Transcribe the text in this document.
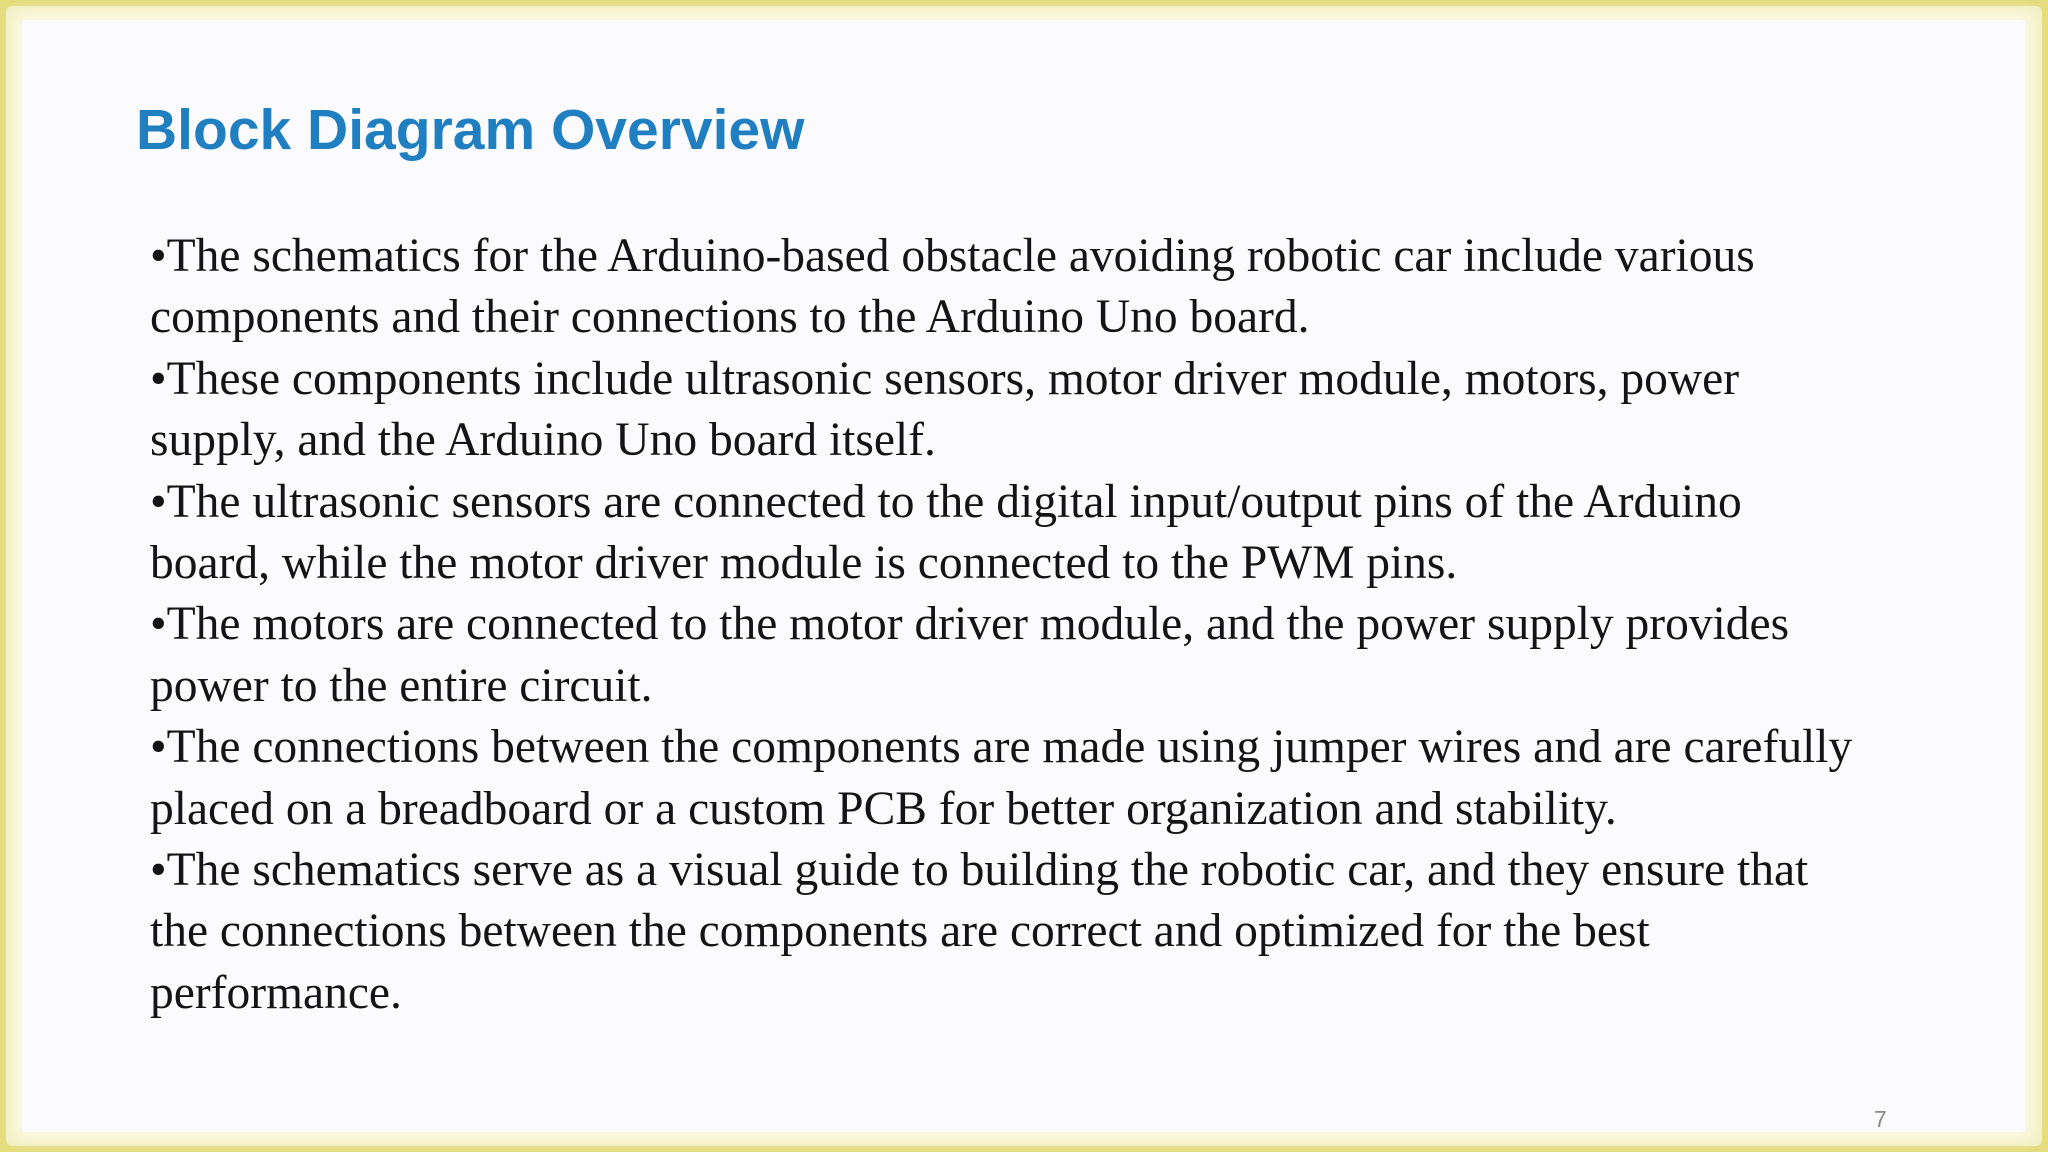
Block Diagram Overview
•The schematics for the Arduino-based obstacle avoiding robotic car include various
components and their connections to the Arduino Uno board.
•These components include ultrasonic sensors, motor driver module, motors, power
supply, and the Arduino Uno board itself.
•The ultrasonic sensors are connected to the digital input/output pins of the Arduino
board, while the motor driver module is connected to the PWM pins.
•The motors are connected to the motor driver module, and the power supply provides
power to the entire circuit.
•The connections between the components are made using jumper wires and are carefully
placed on a breadboard or a custom PCB for better organization and stability.
•The schematics serve as a visual guide to building the robotic car, and they ensure that
the connections between the components are correct and optimized for the best
performance.
7
